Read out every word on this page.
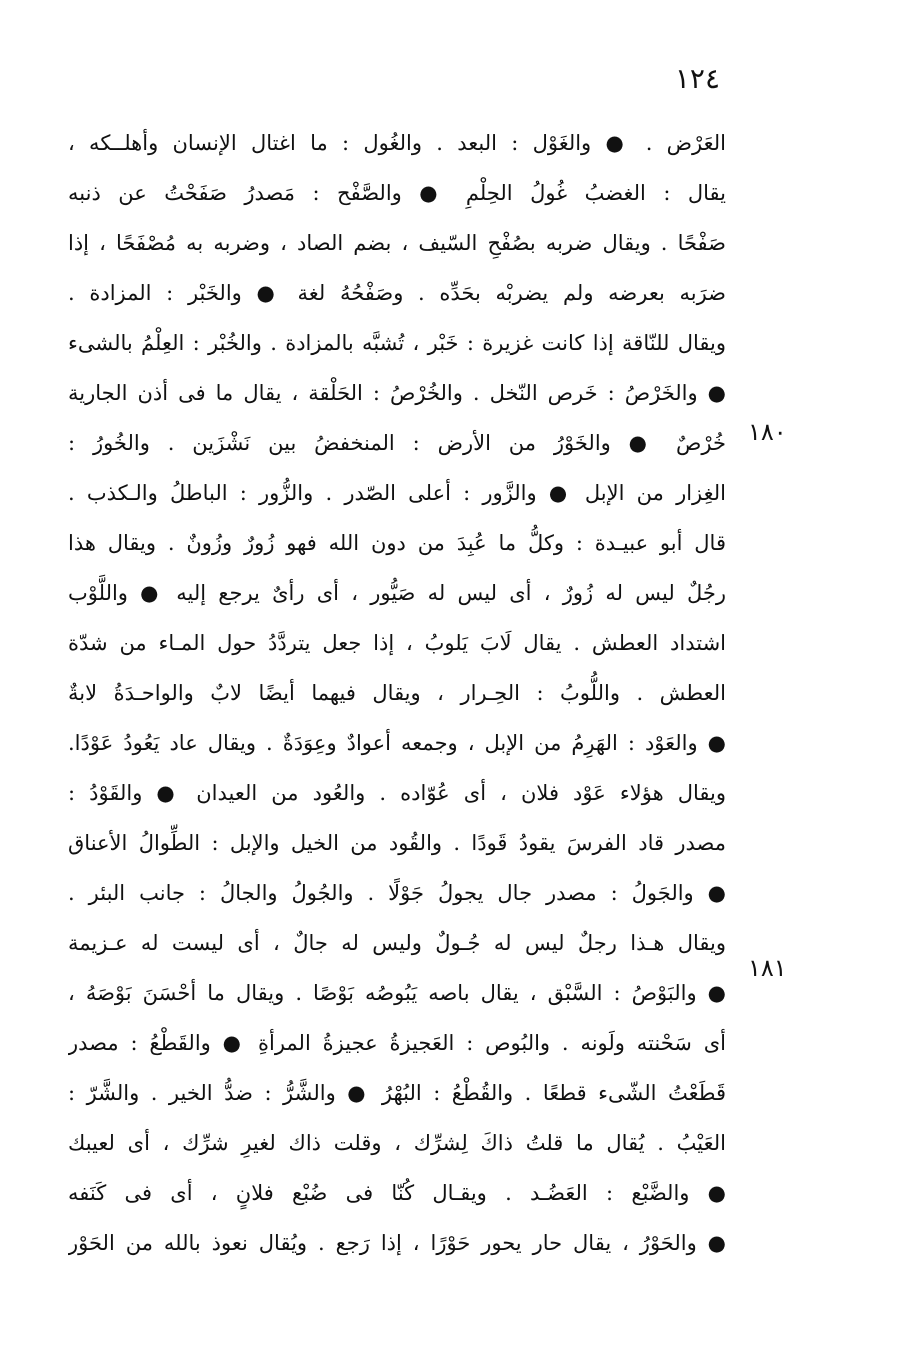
١٢٤
١٨٠
١٨١
العَرْض . ● والغَوْل : البعد . والغُول : ما اغتال الإنسان وأهلــكه ،
يقال : الغضبُ غُولُ الحِلْمِ ● والصَّفْح : مَصدرُ صَفَحْتُ عن ذنبه
صَفْحًا . ويقال ضربه بصُفْحِ السّيف ، بضم الصاد ، وضربه به مُصْفَحًا ، إذا
ضرَبه بعرضه ولم يضربْه بحَدِّه . وصَفْحُهُ لغة ● والخَبْر : المزادة .
ويقال للنّاقة إذا كانت غزيرة : خَبْر ، تُشبَّه بالمزادة . والخُبْر : العِلْمُ بالشىء
● والخَرْصُ : خَرص النّخل . والخُرْصُ : الحَلْقة ، يقال ما فى أذن الجارية
خُرْصٌ ● والخَوْرُ من الأرض : المنخفضُ بين نَشْزَين . والخُورُ :
الغِزار من الإبل ● والزَّور : أعلى الصّدر . والزُّور : الباطلُ والـكذب .
قال أبو عبيـدة : وكلُّ ما عُبِدَ من دون الله فهو زُورٌ وزُونٌ . ويقال هذا
رجُلٌ ليس له زُورٌ ، أى ليس له صَيُّور ، أى رأىٌ يرجع إليه ● واللَّوْب
اشتداد العطش . يقال لَابَ يَلوبُ ، إذا جعل يتردَّدُ حول المـاء من شدّة
العطش . واللُّوبُ : الحِـرار ، ويقال فيهما أيضًا لابٌ والواحـدَةُ لابةٌ
● والعَوْد : الهَرِمُ من الإبل ، وجمعه أعوادٌ وعِوَدَةٌ . ويقال عاد يَعُودُ عَوْدًا.
ويقال هؤلاء عَوْد فلان ، أى عُوّاده . والعُود من العيدان ● والقَوْدُ :
مصدر قاد الفرسَ يقودُ قَودًا . والقُود من الخيل والإبل : الطِّوالُ الأعناق
● والجَولُ : مصدر جال يجولُ جَوْلًا . والجُولُ والجالُ : جانب البئر .
ويقال هـذا رجلٌ ليس له جُـولٌ وليس له جالٌ ، أى ليست له عـزيمة
● والبَوْصُ : السَّبْق ، يقال باصه يَبُوصُه بَوْصًا . ويقال ما أحْسَنَ بَوْصَهُ ،
أى سَحْنته ولَونه . والبُوص : العَجيزةُ عجيزةُ المرأةِ ● والقَطْعُ : مصدر
قَطَعْتُ الشّىء قطعًا . والقُطْعُ : البُهْرُ ● والشَّرُّ : ضدُّ الخير . والشَّرّ :
العَيْبُ . يُقال ما قلتُ ذاكَ لِشرِّك ، وقلت ذاك لغيرِ شرِّك ، أى لعيبك
● والضَّبْع : العَضُـد . ويقـال كُنّا فى ضُبْع فلانٍ ، أى فى كَنَفه
● والحَوْرُ ، يقال حار يحور حَوْرًا ، إذا رَجع . ويُقال نعوذ بالله من الحَوْر
